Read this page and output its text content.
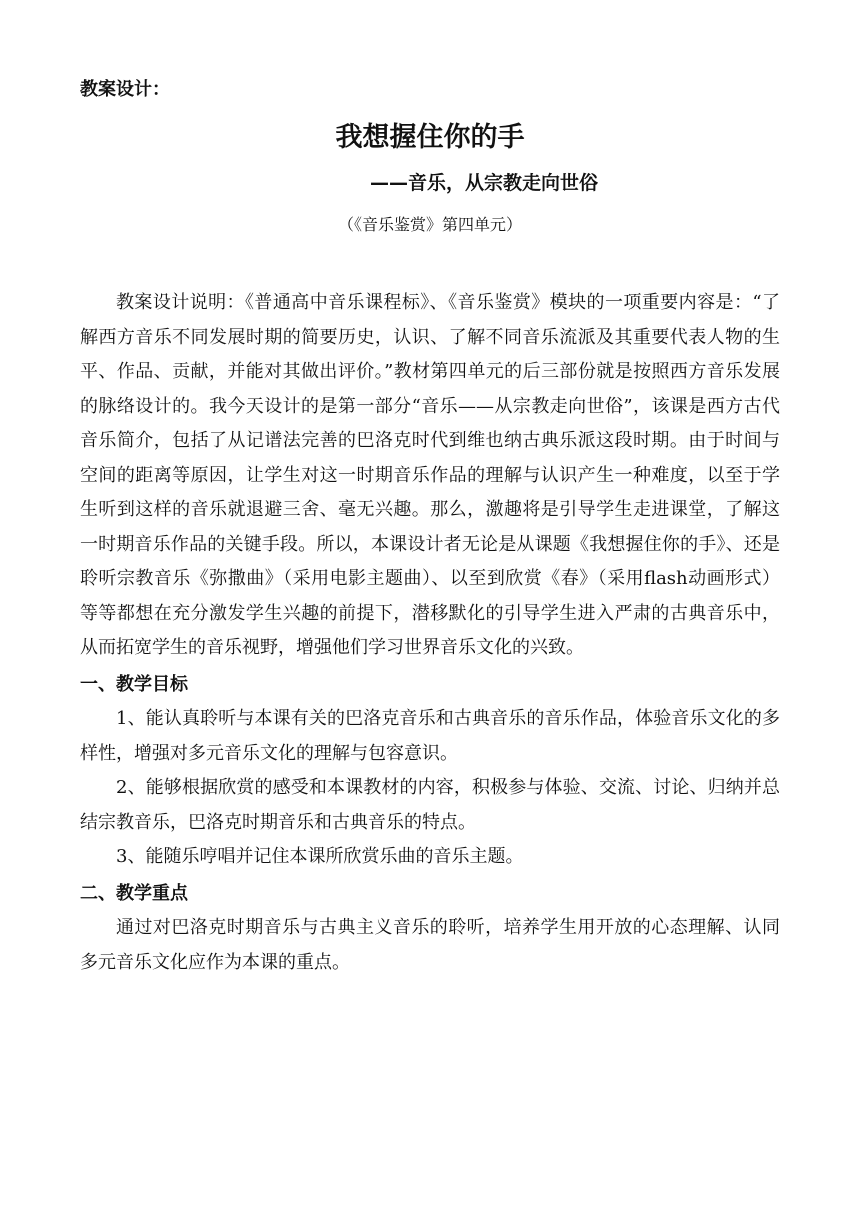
教案设计：
我想握住你的手
——音乐，从宗教走向世俗
（《音乐鉴赏》第四单元）

教案设计说明：《普通高中音乐课程标》、《音乐鉴赏》模块的一项重要内容是：“了解西方音乐不同发展时期的简要历史，认识、了解不同音乐流派及其重要代表人物的生平、作品、贡献，并能对其做出评价。”教材第四单元的后三部份就是按照西方音乐发展的脉络设计的。我今天设计的是第一部分“音乐——从宗教走向世俗”，该课是西方古代音乐简介，包括了从记谱法完善的巴洛克时代到维也纳古典乐派这段时期。由于时间与空间的距离等原因，让学生对这一时期音乐作品的理解与认识产生一种难度，以至于学生听到这样的音乐就退避三舍、毫无兴趣。那么，激趣将是引导学生走进课堂，了解这一时期音乐作品的关键手段。所以，本课设计者无论是从课题《我想握住你的手》、还是聆听宗教音乐《弥撒曲》（采用电影主题曲）、以至到欣赏《春》（采用flash动画形式）等等都想在充分激发学生兴趣的前提下，潜移默化的引导学生进入严肃的古典音乐中，从而拓宽学生的音乐视野，增强他们学习世界音乐文化的兴致。

一、教学目标

1、能认真聆听与本课有关的巴洛克音乐和古典音乐的音乐作品，体验音乐文化的多样性，增强对多元音乐文化的理解与包容意识。

2、能够根据欣赏的感受和本课教材的内容，积极参与体验、交流、讨论、归纳并总结宗教音乐，巴洛克时期音乐和古典音乐的特点。

3、能随乐哼唱并记住本课所欣赏乐曲的音乐主题。

二、教学重点

通过对巴洛克时期音乐与古典主义音乐的聆听，培养学生用开放的心态理解、认同多元音乐文化应作为本课的重点。
